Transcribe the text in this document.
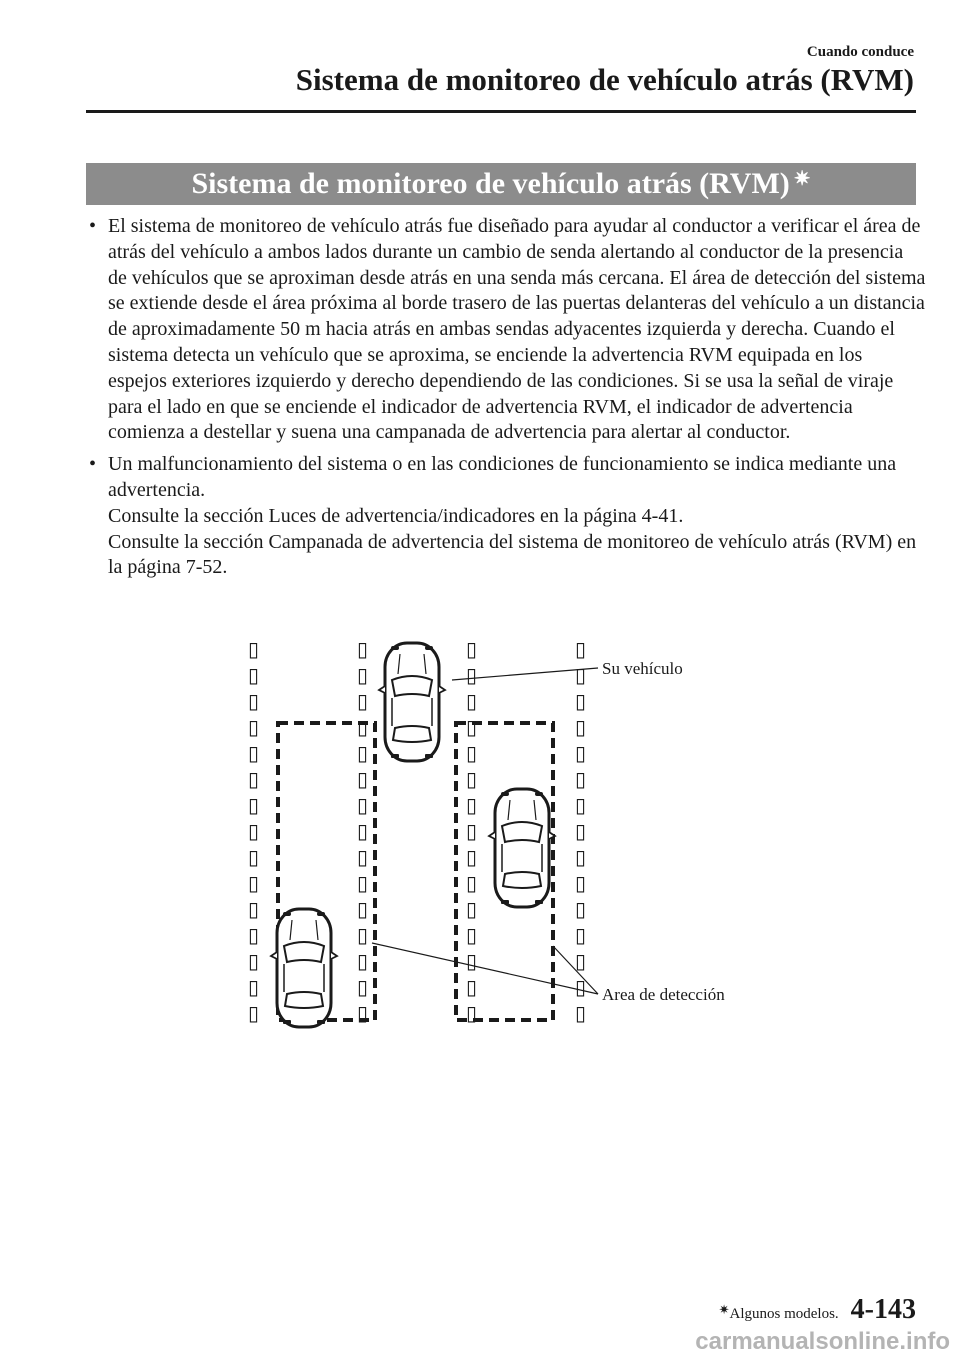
Cuando conduce
Sistema de monitoreo de vehículo atrás (RVM)
Sistema de monitoreo de vehículo atrás (RVM) ✷
• El sistema de monitoreo de vehículo atrás fue diseñado para ayudar al conductor a verificar el área de atrás del vehículo a ambos lados durante un cambio de senda alertando al conductor de la presencia de vehículos que se aproximan desde atrás en una senda más cercana. El área de detección del sistema se extiende desde el área próxima al borde trasero de las puertas delanteras del vehículo a un distancia de aproximadamente 50 m hacia atrás en ambas sendas adyacentes izquierda y derecha. Cuando el sistema detecta un vehículo que se aproxima, se enciende la advertencia RVM equipada en los espejos exteriores izquierdo y derecho dependiendo de las condiciones. Si se usa la señal de viraje para el lado en que se enciende el indicador de advertencia RVM, el indicador de advertencia comienza a destellar y suena una campanada de advertencia para alertar al conductor.

• Un malfuncionamiento del sistema o en las condiciones de funcionamiento se indica mediante una advertencia.

Consulte la sección Luces de advertencia/indicadores en la página 4-41.

Consulte la sección Campanada de advertencia del sistema de monitoreo de vehículo atrás (RVM) en la página 7-52.

▯
▯
▯
▯
▯
▯
▯
▯
▯
▯
▯
▯
▯
▯
▯
▯
▯
▯
▯
▯
▯
▯
▯
▯
▯
▯
▯
▯
▯
▯
▯
▯
▯
▯
▯
▯
▯
▯
▯
▯
▯
▯
▯
▯
▯
▯
▯
▯
▯
▯
▯
▯
▯
▯
▯
▯
▯
▯
▯
▯
Su vehículo
Area de detección
✷Algunos modelos. 4-143
carmanualsonline.info
